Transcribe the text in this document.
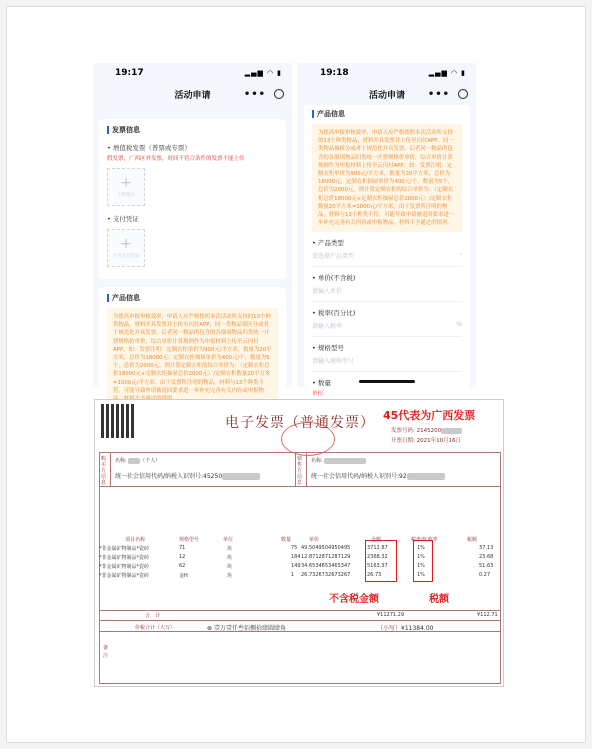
19:17	▂▄▆ ◠ ▮
活动申请	•••
发票信息
• 增值税发票（普票或专票）
假发票，广西区外发票，时间不符合条件的发票不能上传
+
上传图片
• 支付凭证
+
上传支付凭证
产品信息
为提高申报审核效率，申请人应严格按照本次活动所支持的13个种类物品，材料开具发票并上传至闪付APP，同一类物品要区分或者于规范化开具发票。后者同一物品所包含的各细项物品归类统一开票规格价单价，综合单价计算规则作为申报材料上传至云闪付APP。如：发票注明：定制衣柜单价为900元/平方米，数量为20平方米，总价为18000元；定制衣柜抽屉单价为400元/个，数量为5个，总价为2000元。则计算定制衣柜的综合单价为：（定制衣柜总价18000元+定制衣柜抽屉总价2000元）/定制衣柜数量20平方米=1000元/平方米。由于发票所注明的物品，材料与13个种类不符，可能导致申请被退回要求进一步补充完善有关内容或申报物
19:18	▂▄▆ ◠ ▮
活动申请 •••
产品信息
为提高申报审核效率，申请人应严格按照本次活动所支持的13个种类物品，材料开具发票并上传至闪付APP。同一类物品被拆分或者于规范化开具发票。后者同一物品所包含的各细项物品归类统一开票规格价单价，综合单价计算规则作为申报材料上传至云闪付APP。如：发票注明：定制衣柜单价为900元/平方米，数量为20平方米，总价为18000元；定制衣柜抽屉单价为400元/个，数量为5个，总价为2000元，则计算定制衣柜的综合单价为：（定制衣柜总价18000元+定制衣柜抽屉总价2000元）/定制衣柜数量20平方米=1000元/平方米。由于发票所注明的物品，材料与13个种类不符，可能导致申请被退回要求进一步补充完善有关内容或申报物品，材料不予通过的情形。
• 产品类型
请选择产品类型	›
• 单价(不含税)
请输入单价
• 税率(百分比)
请输入税率	%
• 规格型号
请输入规格型号
• 数量
单位:
电子发票（普通发票） 45代表为广西发票
发票号码: 2145200
开票日期: 2021年10月16日
购买方信息
名称:	（个人）
统一社会信用代码/纳税人识别号:45250
销售方信息
名称:
统一社会信用代码/纳税人识别号:92
项目名称	规格型号	单位	数量	单价	金额	税率/征收率	税额
*非金属矿物制品*瓷砖	71	块	75 49.5049504950495	3712.87	1%	37.13
*非金属矿物制品*瓷砖	12	块	184 12.8712871287129	2368.32	1%	23.68
*非金属矿物制品*瓷砖	62	块	149 34.6534653465347	5163.37	1%	51.63
*非金属矿物制品*瓷砖	金H	块	1 26.7326732673267	26.73	1%	0.27
不含税金额	税额
合　计	¥11271.29	¥112.71
价税合计（大写）	⊗ 壹万壹仟叁佰捌拾肆圆肆角	（小写）¥11384.00
备　注
